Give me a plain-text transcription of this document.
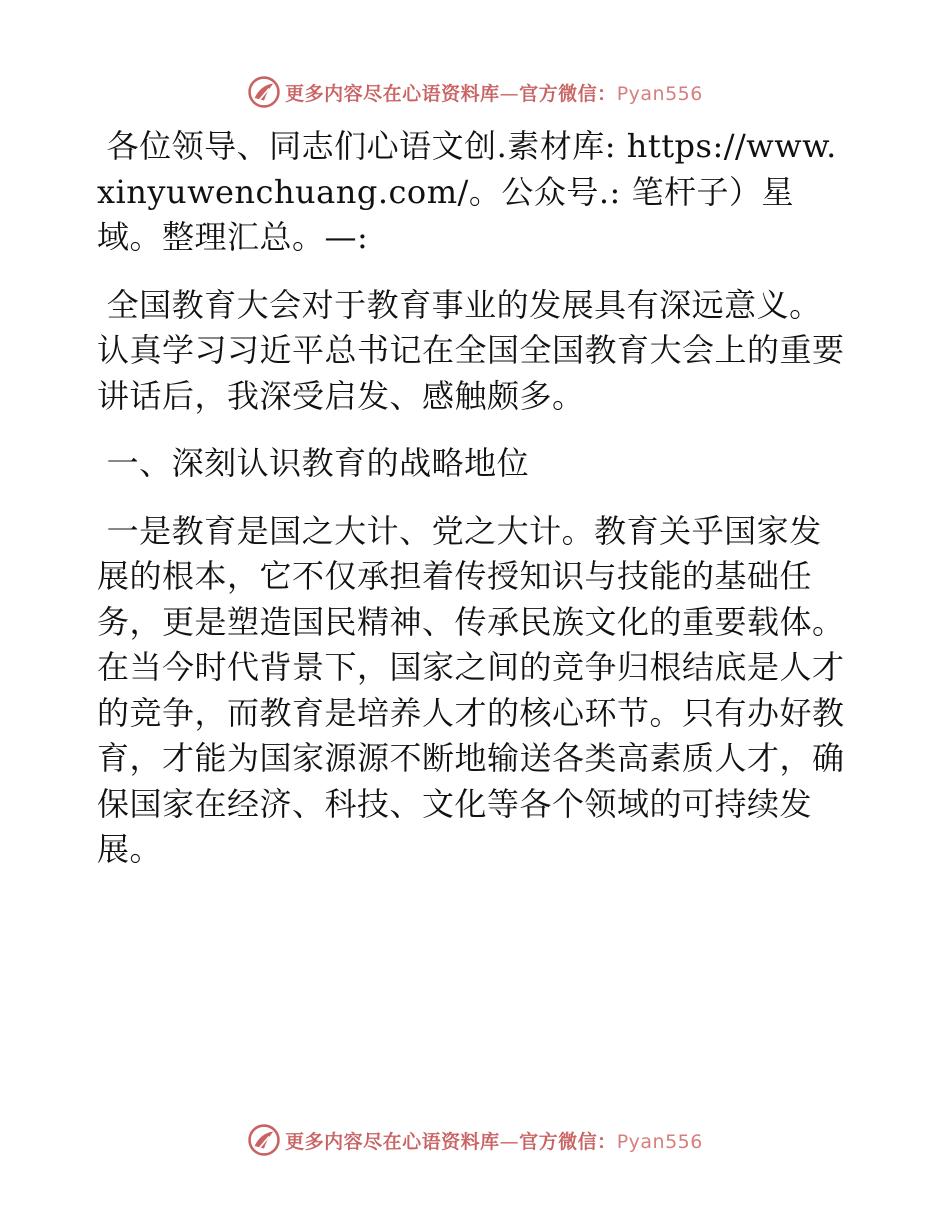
更多内容尽在心语资料库—官方微信：Pyan556

各位领导、同志们心语文创.素材库: https://www.xinyuwenchuang.com/。公众号.: 笔杆子）星域。整理汇总。—:

全国教育大会对于教育事业的发展具有深远意义。认真学习习近平总书记在全国全国教育大会上的重要讲话后，我深受启发、感触颇多。

一、深刻认识教育的战略地位

一是教育是国之大计、党之大计。教育关乎国家发展的根本，它不仅承担着传授知识与技能的基础任务，更是塑造国民精神、传承民族文化的重要载体。在当今时代背景下，国家之间的竞争归根结底是人才的竞争，而教育是培养人才的核心环节。只有办好教育，才能为国家源源不断地输送各类高素质人才，确保国家在经济、科技、文化等各个领域的可持续发展。

更多内容尽在心语资料库—官方微信：Pyan556
